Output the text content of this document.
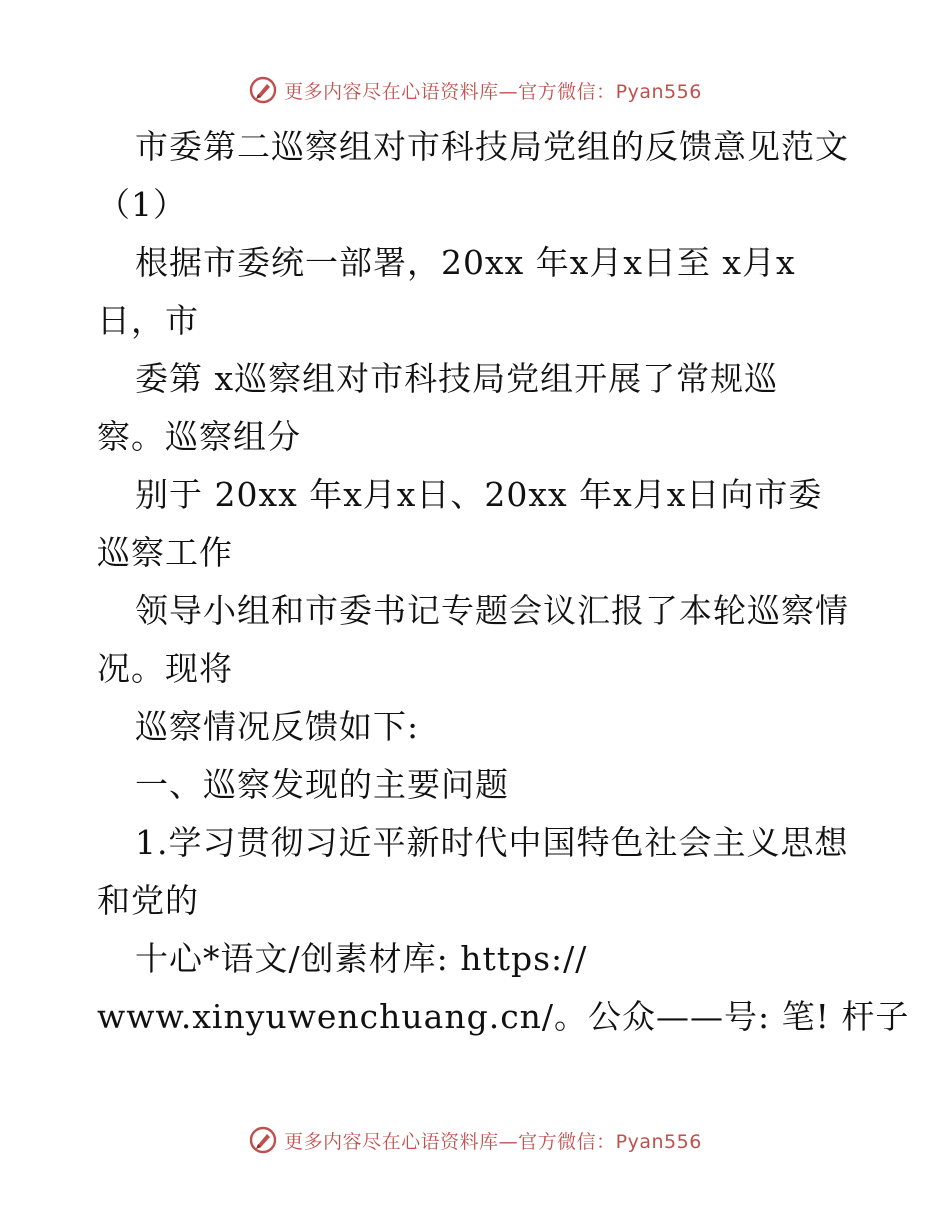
更多内容尽在心语资料库—官方微信：Pyan556
市委第二巡察组对市科技局党组的反馈意见范文
（1）
根据市委统一部署，20xx 年x月x日至 x月x
日，市
委第 x巡察组对市科技局党组开展了常规巡
察。巡察组分
别于 20xx 年x月x日、20xx 年x月x日向市委
巡察工作
领导小组和市委书记专题会议汇报了本轮巡察情
况。现将
巡察情况反馈如下:
一、巡察发现的主要问题
1.学习贯彻习近平新时代中国特色社会主义思想
和党的
十心*语文/创素材库: https://
www.xinyuwenchuang.cn/。公众——号: 笔! 杆子
更多内容尽在心语资料库—官方微信：Pyan556
